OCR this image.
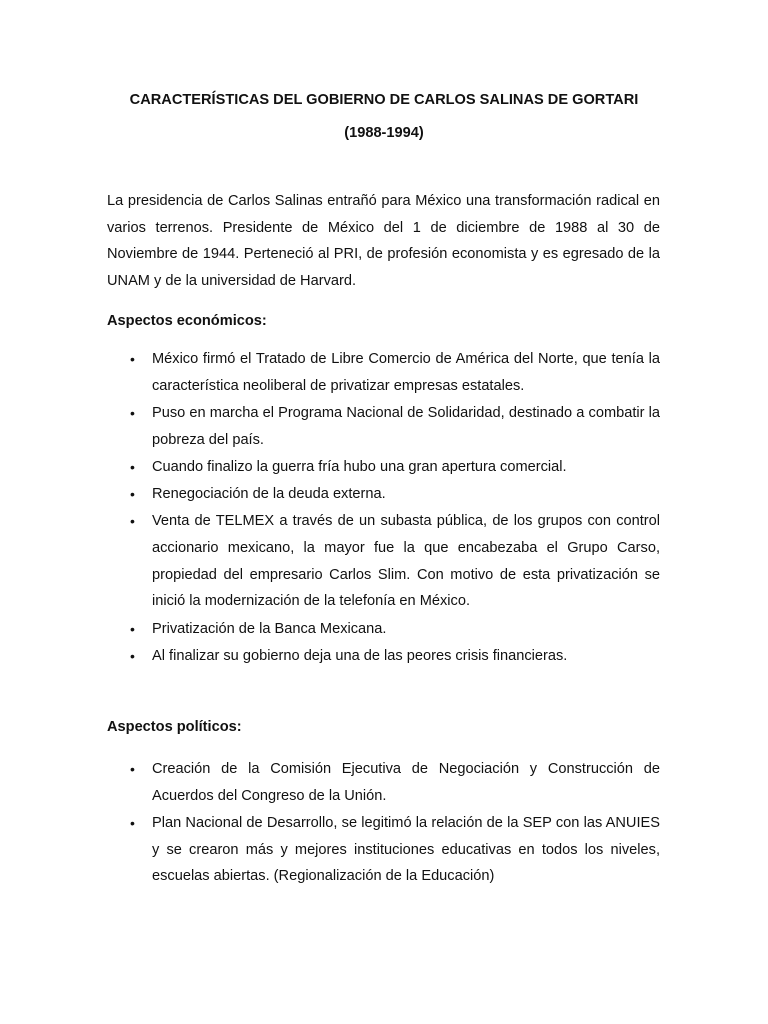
CARACTERÍSTICAS DEL GOBIERNO DE CARLOS SALINAS DE GORTARI

(1988-1994)

La presidencia de Carlos Salinas entrañó para México una transformación radical en varios terrenos. Presidente de México del 1 de diciembre de 1988 al 30 de Noviembre de 1944. Perteneció al PRI, de profesión economista y es egresado de la UNAM y de la universidad de Harvard.

Aspectos económicos:

•	México firmó el Tratado de Libre Comercio de América del Norte, que tenía la característica neoliberal de privatizar empresas estatales.
•	Puso en marcha el Programa Nacional de Solidaridad, destinado a combatir la pobreza del país.
•	Cuando finalizo la guerra fría hubo una gran apertura comercial.
•	Renegociación de la deuda externa.
•	Venta de TELMEX a través de un subasta pública, de los grupos con control accionario mexicano, la mayor fue la que encabezaba el Grupo Carso, propiedad del empresario Carlos Slim. Con motivo de esta privatización se inició la modernización de la telefonía en México.
•	Privatización de la Banca Mexicana.
•	Al finalizar su gobierno deja una de las peores crisis financieras.

Aspectos políticos:

•	Creación de la Comisión Ejecutiva de Negociación y Construcción de Acuerdos del Congreso de la Unión.
•	Plan Nacional de Desarrollo, se legitimó la relación de la SEP con las ANUIES y se crearon más y mejores instituciones educativas en todos los niveles, escuelas abiertas. (Regionalización de la Educación)
